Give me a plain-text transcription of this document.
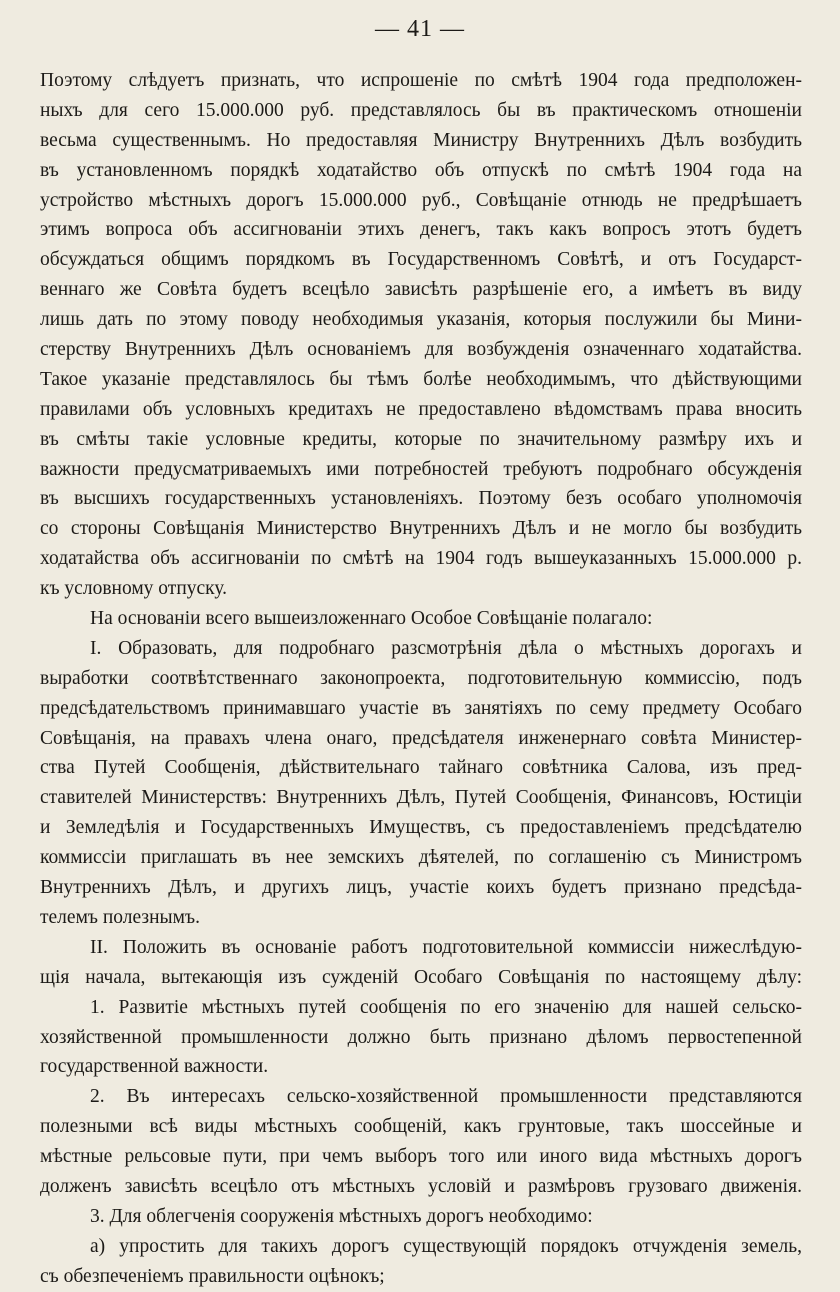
— 41 —
Поэтому слѣдуетъ признать, что испрошеніе по смѣтѣ 1904 года предположен-
ныхъ для сего 15.000.000 руб. представлялось бы въ практическомъ отношеніи
весьма существеннымъ. Но предоставляя Министру Внутреннихъ Дѣлъ возбудить
въ установленномъ порядкѣ ходатайство объ отпускѣ по смѣтѣ 1904 года на
устройство мѣстныхъ дорогъ 15.000.000 руб., Совѣщаніе отнюдь не предрѣшаетъ
этимъ вопроса объ ассигнованіи этихъ денегъ, такъ какъ вопросъ этотъ будетъ
обсуждаться общимъ порядкомъ въ Государственномъ Совѣтѣ, и отъ Государст-
веннаго же Совѣта будетъ всецѣло зависѣть разрѣшеніе его, а имѣетъ въ виду
лишь дать по этому поводу необходимыя указанія, которыя послужили бы Мини-
стерству Внутреннихъ Дѣлъ основаніемъ для возбужденія означеннаго ходатайства.
Такое указаніе представлялось бы тѣмъ болѣе необходимымъ, что дѣйствующими
правилами объ условныхъ кредитахъ не предоставлено вѣдомствамъ права вносить
въ смѣты такіе условные кредиты, которые по значительному размѣру ихъ и
важности предусматриваемыхъ ими потребностей требуютъ подробнаго обсужденія
въ высшихъ государственныхъ установленіяхъ. Поэтому безъ особаго уполномочія
со стороны Совѣщанія Министерство Внутреннихъ Дѣлъ и не могло бы возбудить
ходатайства объ ассигнованіи по смѣтѣ на 1904 годъ вышеуказанныхъ 15.000.000 р.
къ условному отпуску.
На основаніи всего вышеизложеннаго Особое Совѣщаніе полагало:
I. Образовать, для подробнаго разсмотрѣнія дѣла о мѣстныхъ дорогахъ и
выработки соотвѣтственнаго законопроекта, подготовительную коммиссію, подъ
предсѣдательствомъ принимавшаго участіе въ занятіяхъ по сему предмету Особаго
Совѣщанія, на правахъ члена онаго, предсѣдателя инженернаго совѣта Министер-
ства Путей Сообщенія, дѣйствительнаго тайнаго совѣтника Салова, изъ пред-
ставителей Министерствъ: Внутреннихъ Дѣлъ, Путей Сообщенія, Финансовъ, Юстиціи
и Земледѣлія и Государственныхъ Имуществъ, съ предоставленіемъ предсѣдателю
коммиссіи приглашать въ нее земскихъ дѣятелей, по соглашенію съ Министромъ
Внутреннихъ Дѣлъ, и другихъ лицъ, участіе коихъ будетъ признано предсѣда-
телемъ полезнымъ.
II. Положить въ основаніе работъ подготовительной коммиссіи нижеслѣдую-
щія начала, вытекающія изъ сужденій Особаго Совѣщанія по настоящему дѣлу:
1. Развитіе мѣстныхъ путей сообщенія по его значенію для нашей сельско-
хозяйственной промышленности должно быть признано дѣломъ первостепенной
государственной важности.
2. Въ интересахъ сельско-хозяйственной промышленности представляются
полезными всѣ виды мѣстныхъ сообщеній, какъ грунтовые, такъ шоссейные и
мѣстные рельсовые пути, при чемъ выборъ того или иного вида мѣстныхъ дорогъ
долженъ зависѣть всецѣло отъ мѣстныхъ условій и размѣровъ грузоваго движенія.
3. Для облегченія сооруженія мѣстныхъ дорогъ необходимо:
а) упростить для такихъ дорогъ существующій порядокъ отчужденія земель,
съ обезпеченіемъ правильности оцѣнокъ;
